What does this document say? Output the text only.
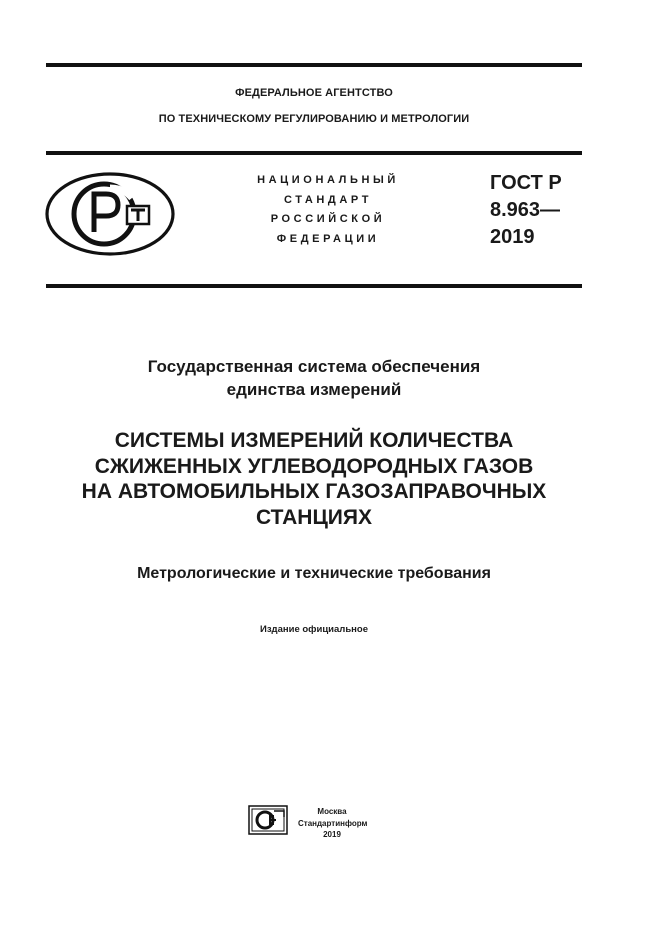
ФЕДЕРАЛЬНОЕ АГЕНТСТВО
ПО ТЕХНИЧЕСКОМУ РЕГУЛИРОВАНИЮ И МЕТРОЛОГИИ
НАЦИОНАЛЬНЫЙ
СТАНДАРТ
РОССИЙСКОЙ
ФЕДЕРАЦИИ
ГОСТ Р
8.963—
2019
Государственная система обеспечения
единства измерений
СИСТЕМЫ ИЗМЕРЕНИЙ КОЛИЧЕСТВА
СЖИЖЕННЫХ УГЛЕВОДОРОДНЫХ ГАЗОВ
НА АВТОМОБИЛЬНЫХ ГАЗОЗАПРАВОЧНЫХ
СТАНЦИЯХ
Метрологические и технические требования
Издание официальное
Москва
Стандартинформ
2019
